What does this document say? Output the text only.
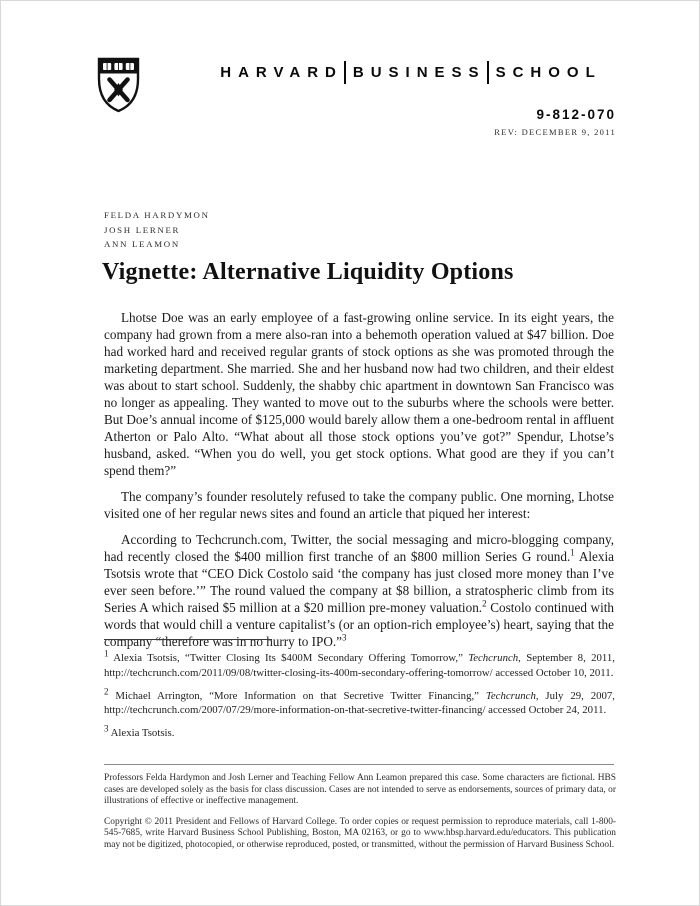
HARVARD BUSINESS SCHOOL
9-812-070
REV: DECEMBER 9, 2011
FELDA HARDYMON
JOSH LERNER
ANN LEAMON
Vignette: Alternative Liquidity Options

Lhotse Doe was an early employee of a fast-growing online service. In its eight years, the company had grown from a mere also-ran into a behemoth operation valued at $47 billion. Doe had worked hard and received regular grants of stock options as she was promoted through the marketing department. She married. She and her husband now had two children, and their eldest was about to start school. Suddenly, the shabby chic apartment in downtown San Francisco was no longer as appealing. They wanted to move out to the suburbs where the schools were better. But Doe’s annual income of $125,000 would barely allow them a one-bedroom rental in affluent Atherton or Palo Alto. “What about all those stock options you’ve got?” Spendur, Lhotse’s husband, asked. “When you do well, you get stock options. What good are they if you can’t spend them?”

The company’s founder resolutely refused to take the company public. One morning, Lhotse visited one of her regular news sites and found an article that piqued her interest:

According to Techcrunch.com, Twitter, the social messaging and micro-blogging company, had recently closed the $400 million first tranche of an $800 million Series G round.$^1$ Alexia Tsotsis wrote that “CEO Dick Costolo said ‘the company has just closed more money than I’ve ever seen before.’” The round valued the company at $8 billion, a stratospheric climb from its Series A which raised $5 million at a $20 million pre-money valuation.$^2$ Costolo continued with words that would chill a venture capitalist’s (or an option-rich employee’s) heart, saying that the company “therefore was in no hurry to IPO.”$^3$

$^1$ Alexia Tsotsis, “Twitter Closing Its $400M Secondary Offering Tomorrow,” Techcrunch, September 8, 2011, http://techcrunch.com/2011/09/08/twitter-closing-its-400m-secondary-offering-tomorrow/ accessed October 10, 2011.

$^2$ Michael Arrington, “More Information on that Secretive Twitter Financing,” Techcrunch, July 29, 2007, http://techcrunch.com/2007/07/29/more-information-on-that-secretive-twitter-financing/ accessed October 24, 2011.

$^3$ Alexia Tsotsis.

Professors Felda Hardymon and Josh Lerner and Teaching Fellow Ann Leamon prepared this case. Some characters are fictional. HBS cases are developed solely as the basis for class discussion. Cases are not intended to serve as endorsements, sources of primary data, or illustrations of effective or ineffective management.

Copyright © 2011 President and Fellows of Harvard College. To order copies or request permission to reproduce materials, call 1-800-545-7685, write Harvard Business School Publishing, Boston, MA 02163, or go to www.hbsp.harvard.edu/educators. This publication may not be digitized, photocopied, or otherwise reproduced, posted, or transmitted, without the permission of Harvard Business School.
